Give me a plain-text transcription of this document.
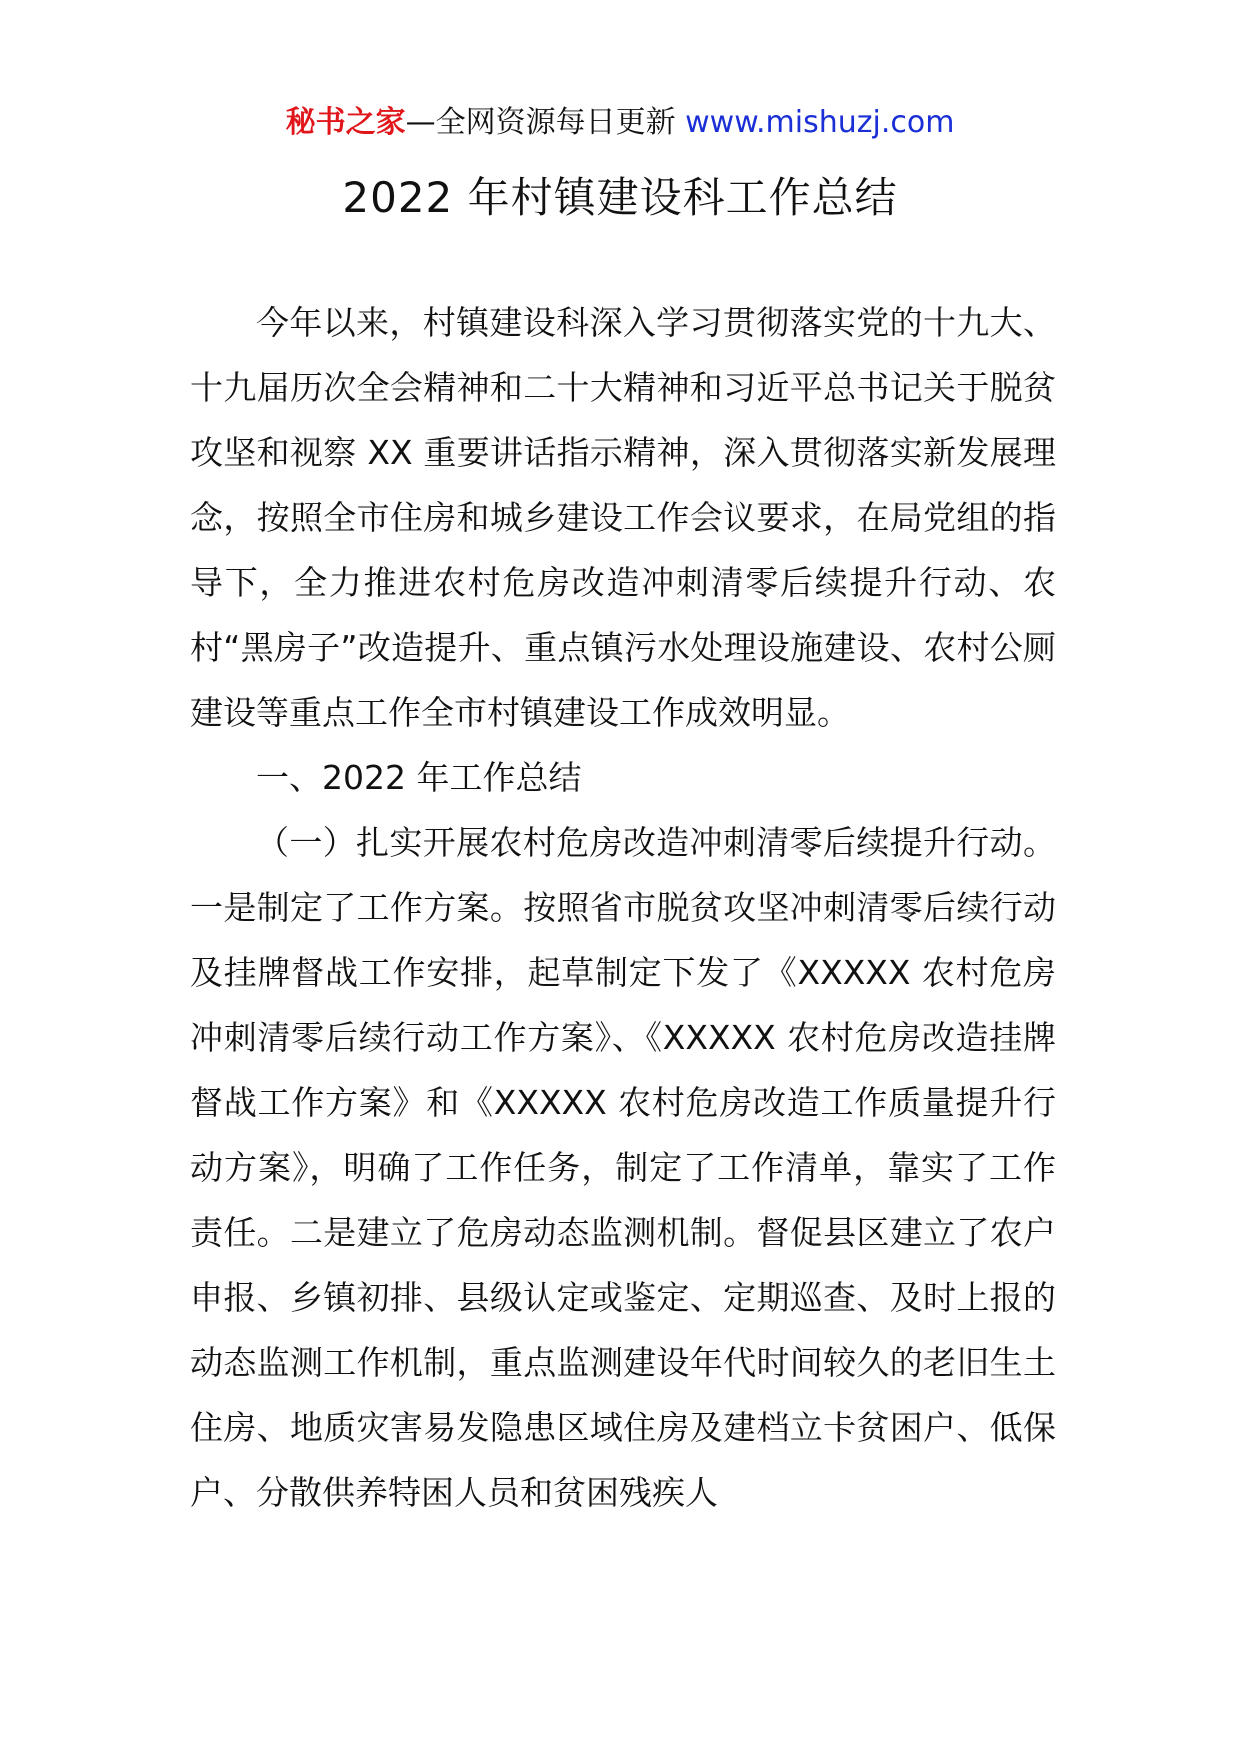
秘书之家—全网资源每日更新 www.mishuzj.com
2022 年村镇建设科工作总结

今年以来，村镇建设科深入学习贯彻落实党的十九大、十九届历次全会精神和二十大精神和习近平总书记关于脱贫攻坚和视察 XX 重要讲话指示精神，深入贯彻落实新发展理念，按照全市住房和城乡建设工作会议要求，在局党组的指导下，全力推进农村危房改造冲刺清零后续提升行动、农村“黑房子”改造提升、重点镇污水处理设施建设、农村公厕建设等重点工作全市村镇建设工作成效明显。

一、2022 年工作总结

（一）扎实开展农村危房改造冲刺清零后续提升行动。一是制定了工作方案。按照省市脱贫攻坚冲刺清零后续行动及挂牌督战工作安排，起草制定下发了《XXXXX 农村危房冲刺清零后续行动工作方案》、《XXXXX 农村危房改造挂牌督战工作方案》和《XXXXX 农村危房改造工作质量提升行动方案》，明确了工作任务，制定了工作清单，靠实了工作责任。二是建立了危房动态监测机制。督促县区建立了农户申报、乡镇初排、县级认定或鉴定、定期巡查、及时上报的动态监测工作机制，重点监测建设年代时间较久的老旧生土住房、地质灾害易发隐患区域住房及建档立卡贫困户、低保户、分散供养特困人员和贫困残疾人
